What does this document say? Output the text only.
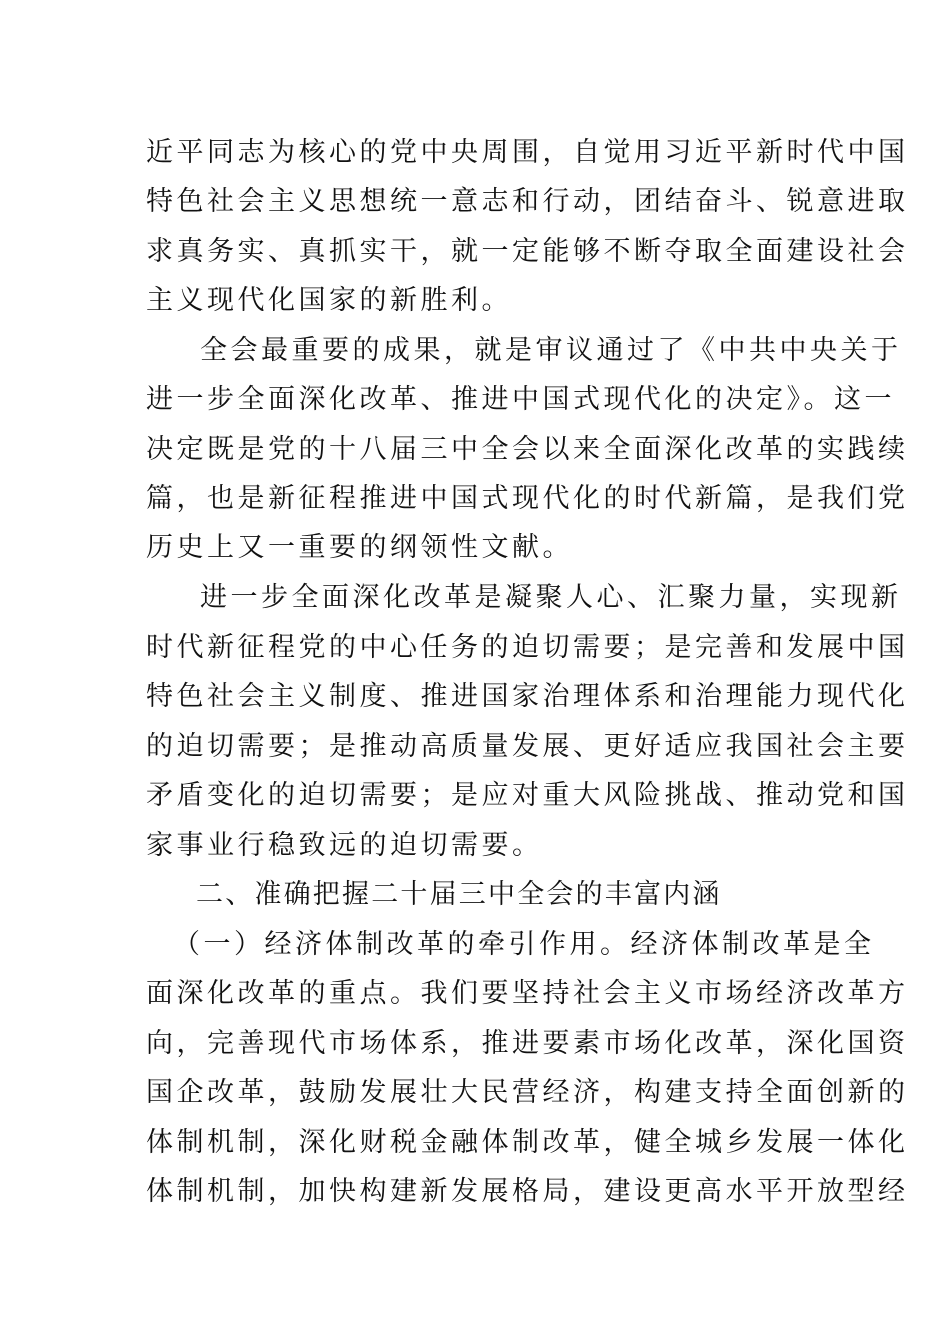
近平同志为核心的党中央周围，自觉用习近平新时代中国
特色社会主义思想统一意志和行动，团结奋斗、锐意进取
求真务实、真抓实干，就一定能够不断夺取全面建设社会
主义现代化国家的新胜利。
全会最重要的成果，就是审议通过了《中共中央关于
进一步全面深化改革、推进中国式现代化的决定》。这一
决定既是党的十八届三中全会以来全面深化改革的实践续
篇，也是新征程推进中国式现代化的时代新篇，是我们党
历史上又一重要的纲领性文献。
进一步全面深化改革是凝聚人心、汇聚力量，实现新
时代新征程党的中心任务的迫切需要；是完善和发展中国
特色社会主义制度、推进国家治理体系和治理能力现代化
的迫切需要；是推动高质量发展、更好适应我国社会主要
矛盾变化的迫切需要；是应对重大风险挑战、推动党和国
家事业行稳致远的迫切需要。
二、准确把握二十届三中全会的丰富内涵
（一）经济体制改革的牵引作用。经济体制改革是全
面深化改革的重点。我们要坚持社会主义市场经济改革方
向，完善现代市场体系，推进要素市场化改革，深化国资
国企改革，鼓励发展壮大民营经济，构建支持全面创新的
体制机制，深化财税金融体制改革，健全城乡发展一体化
体制机制，加快构建新发展格局，建设更高水平开放型经
